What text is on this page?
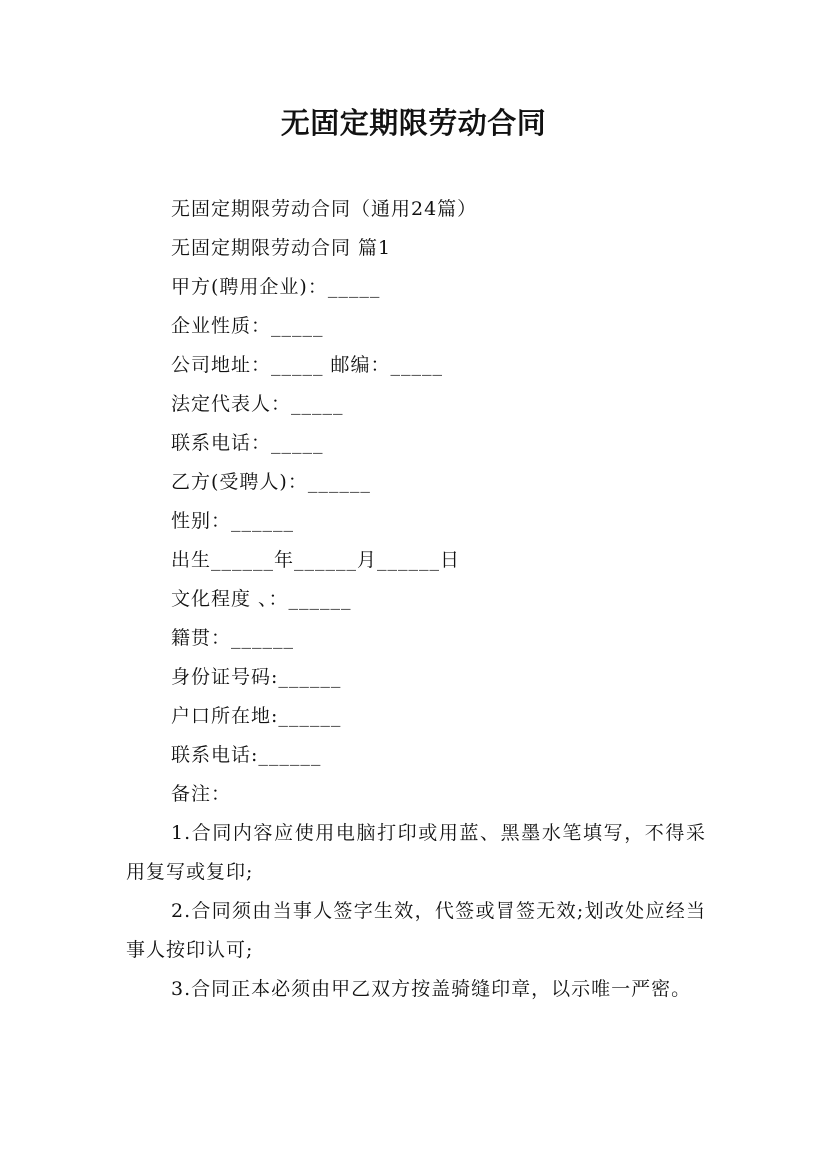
无固定期限劳动合同
无固定期限劳动合同（通用24篇）
无固定期限劳动合同 篇1
甲方(聘用企业)：_____
企业性质：_____
公司地址：_____ 邮编：_____
法定代表人：_____
联系电话：_____
乙方(受聘人)：______
性别：______
出生______年______月______日
文化程度 、：______
籍贯：______
身份证号码:______
户口所在地:______
联系电话:______
备注：
1.合同内容应使用电脑打印或用蓝、黑墨水笔填写，不得采用复写或复印;
2.合同须由当事人签字生效，代签或冒签无效;划改处应经当事人按印认可;
3.合同正本必须由甲乙双方按盖骑缝印章，以示唯一严密。
